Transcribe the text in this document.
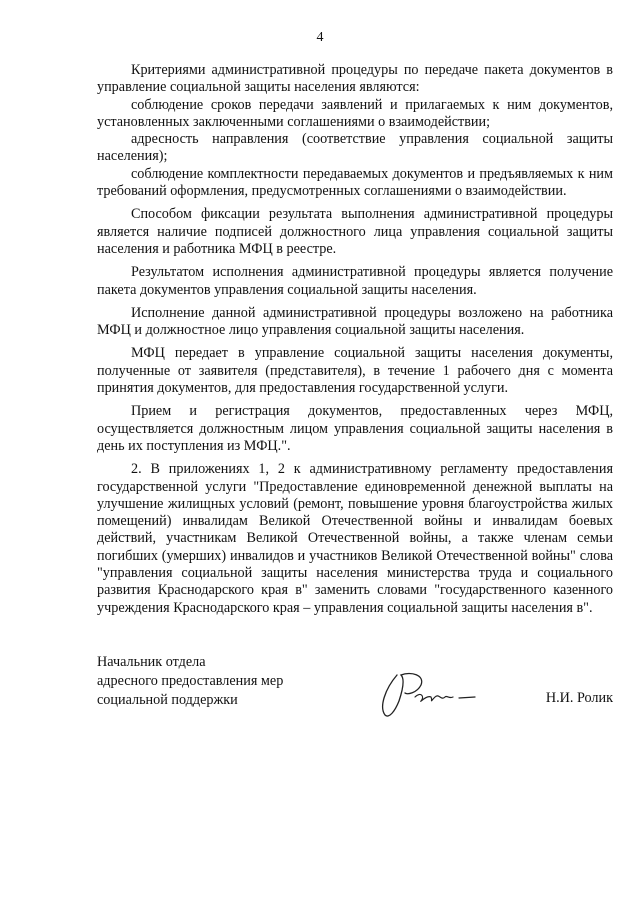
4

Критериями административной процедуры по передаче пакета документов в управление социальной защиты населения являются:

соблюдение сроков передачи заявлений и прилагаемых к ним документов, установленных заключенными соглашениями о взаимодействии;

адресность направления (соответствие управления социальной защиты населения);

соблюдение комплектности передаваемых документов и предъявляемых к ним требований оформления, предусмотренных соглашениями о взаимодействии.

Способом фиксации результата выполнения административной процедуры является наличие подписей должностного лица управления социальной защиты населения и работника МФЦ в реестре.

Результатом исполнения административной процедуры является получение пакета документов управления социальной защиты населения.

Исполнение данной административной процедуры возложено на работника МФЦ и должностное лицо управления социальной защиты населения.

МФЦ передает в управление социальной защиты населения документы, полученные от заявителя (представителя), в течение 1 рабочего дня с момента принятия документов, для предоставления государственной услуги.

Прием и регистрация документов, предоставленных через МФЦ, осуществляется должностным лицом управления социальной защиты населения в день их поступления из МФЦ.".

2. В приложениях 1, 2 к административному регламенту предоставления государственной услуги "Предоставление единовременной денежной выплаты на улучшение жилищных условий (ремонт, повышение уровня благоустройства жилых помещений) инвалидам Великой Отечественной войны и инвалидам боевых действий, участникам Великой Отечественной войны, а также членам семьи погибших (умерших) инвалидов и участников Великой Отечественной войны" слова "управления социальной защиты населения министерства труда и социального развития Краснодарского края в" заменить словами "государственного казенного учреждения Краснодарского края – управления социальной защиты населения в".

Начальник отдела
адресного предоставления мер
социальной поддержки	Н.И. Ролик
